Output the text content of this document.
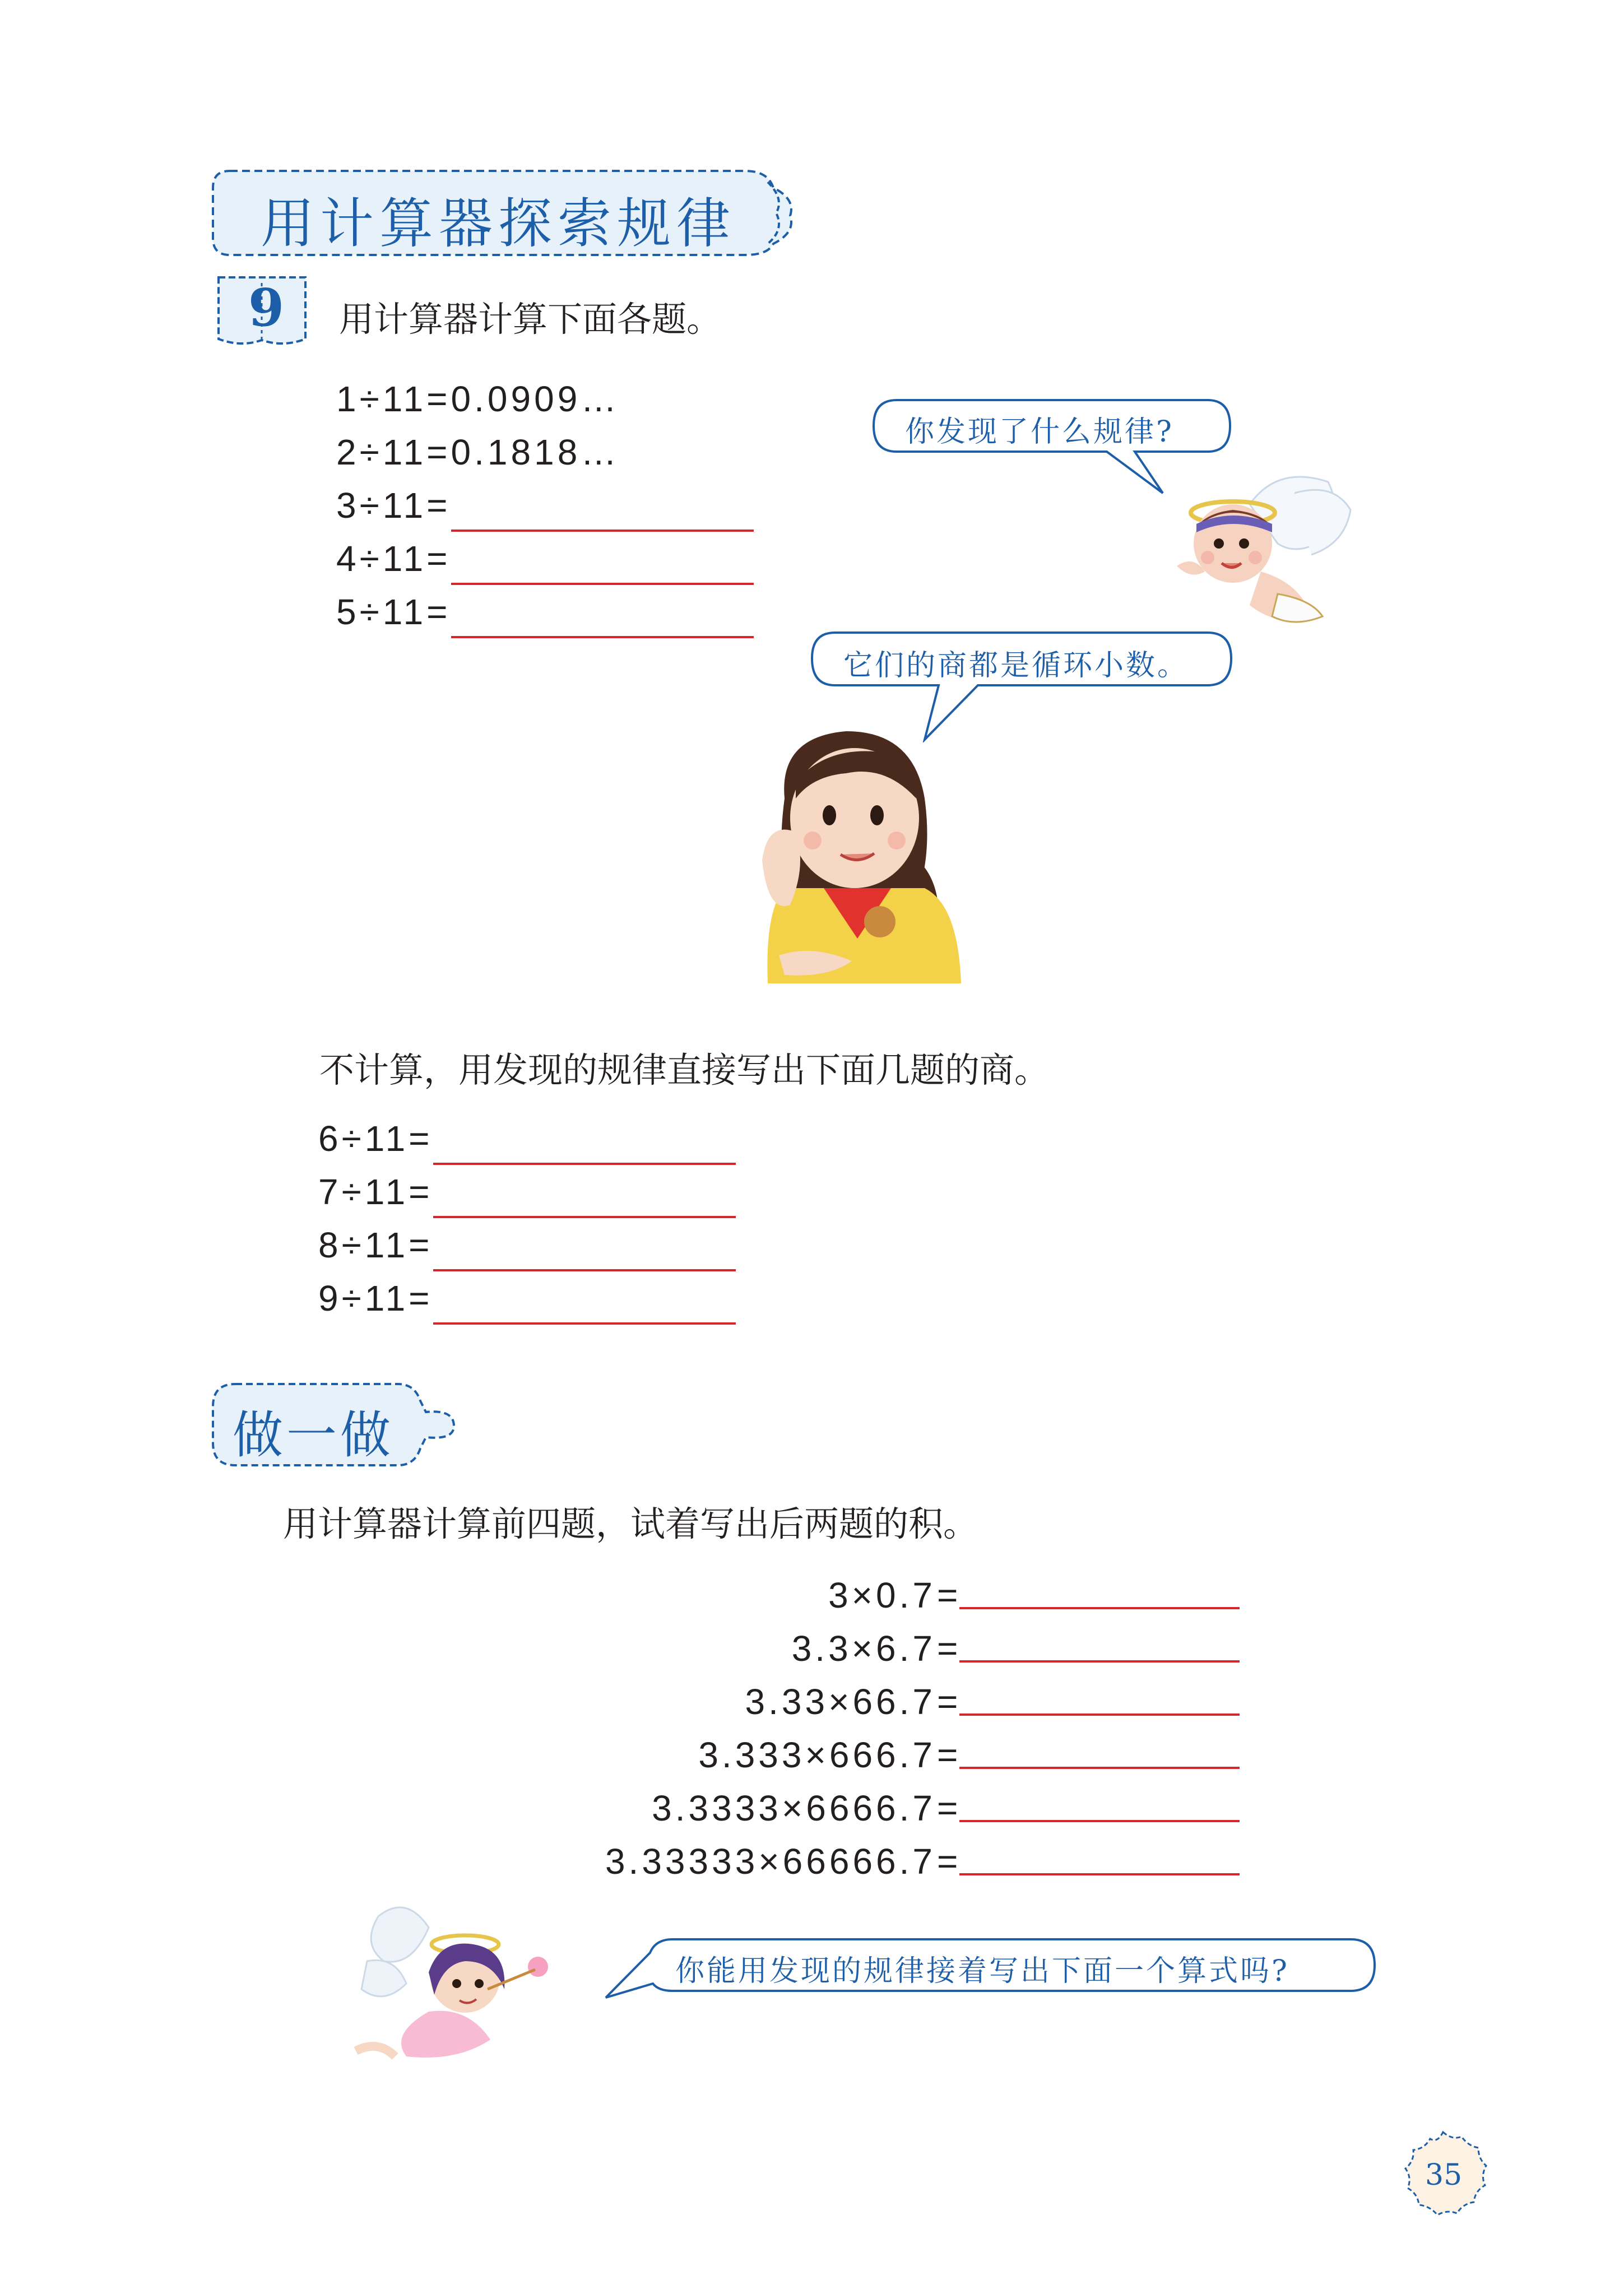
用计算器探索规律
9 用计算器计算下面各题。
1÷11=0.0909…
2÷11=0.1818…
3÷11=
4÷11=
5÷11=
你发现了什么规律?
它们的商都是循环小数。
不计算，用发现的规律直接写出下面几题的商。
6÷11=
7÷11=
8÷11=
9÷11=
做一做
用计算器计算前四题，试着写出后两题的积。
3×0.7 =
3.3×6.7 =
3.33×66.7 =
3.333×666.7 =
3.3333×6666.7 =
3.33333×66666.7 =
你能用发现的规律接着写出下面一个算式吗?
35
